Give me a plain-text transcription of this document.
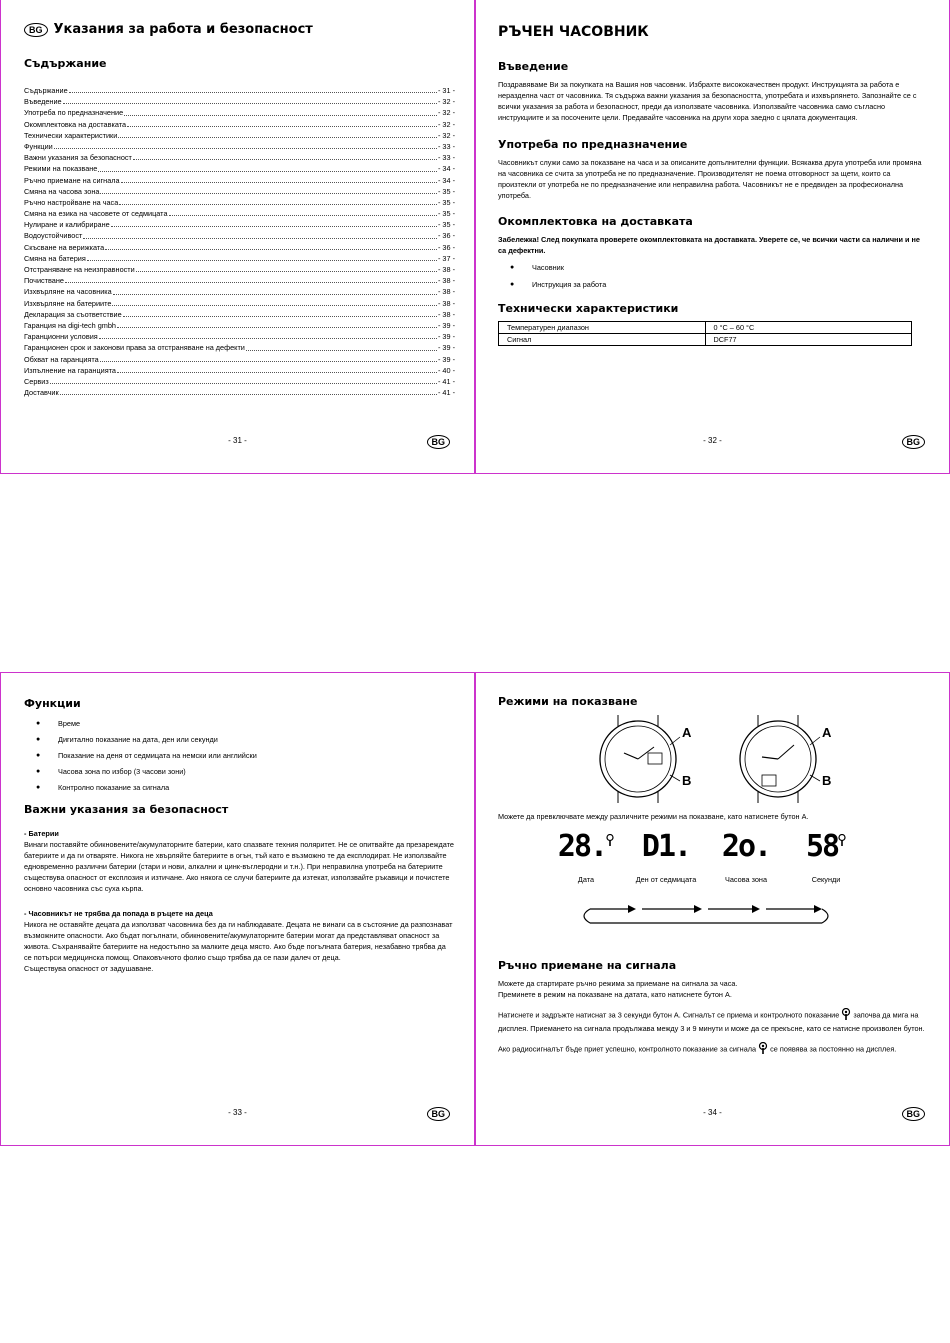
BG Указания за работа и безопасност
Съдържание
Съдържание	- 31 -
Въведение	- 32 -
Употреба по предназначение	- 32 -
Окомплектовка на доставката	- 32 -
Технически характеристики	- 32 -
Функции	- 33 -
Важни указания за безопасност	- 33 -
Режими на показване	- 34 -
Ръчно приемане на сигнала	- 34 -
Смяна на часова зона	- 35 -
Ръчно настройване на часа	- 35 -
Смяна на езика на часовете от седмицата	- 35 -
Нулиране и калибриране	- 35 -
Водоустойчивост	- 36 -
Скъсване на верижката	- 36 -
Смяна на батерия	- 37 -
Отстраняване на неизправности	- 38 -
Почистване	- 38 -
Изхвърляне на часовника	- 38 -
Изхвърляне на батериите	- 38 -
Декларация за съответствие	- 38 -
Гаранция на digi-tech gmbh	- 39 -
Гаранционни условия	- 39 -
Гаранционен срок и законови права за отстраняване на дефекти	- 39 -
Обхват на гаранцията	- 39 -
Изпълнение на гаранцията	- 40 -
Сервиз	- 41 -
Доставчик	- 41 -
- 31 -	BG
РЪЧЕН ЧАСОВНИК
Въведение

Поздравяваме Ви за покупката на Вашия нов часовник. Избрахте висококачествен продукт. Инструкцията за работа е неразделна част от часовника. Тя съдържа важни указания за безопасността, употребата и изхвърлянето. Запознайте се с всички указания за работа и безопасност, преди да използвате часовника. Използвайте часовника само съгласно инструкциите и за посочените цели. Предавайте часовника на други хора заедно с цялата документация.

Употреба по предназначение

Часовникът служи само за показване на часа и за описаните допълнителни функции. Всякаква друга употреба или промяна на часовника се счита за употреба не по предназначение. Производителят не поема отговорност за щети, които са произтекли от употреба не по предназначение или неправилна работа. Часовникът не е предвиден за професионална употреба.

Окомплектовка на доставката

Забележка! След покупката проверете окомплектовката на доставката. Уверете се, че всички части са налични и не са дефектни.

● Часовник
● Инструкция за работа
Технически характеристики
Температурен диапазон	0 °C – 60 °C
Сигнал	DCF77
- 32 -	BG
Функции
● Време
● Дигитално показание на дата, ден или секунди
● Показание на деня от седмицата на немски или английски
● Часова зона по избор (3 часови зони)
● Контролно показание за сигнала
Важни указания за безопасност

- Батерии

Винаги поставяйте обикновените/акумулаторните батерии, като спазвате техния поляритет. Не се опитвайте да презареждате батериите и да ги отваряте. Никога не хвърляйте батериите в огън, тъй като е възможно те да експлодират. Не използвайте едновременно различни батерии (стари и нови, алкални и цинк-въглеродни и т.н.). При неправилна употреба на батериите съществува опасност от експлозия и изтичане. Ако някога се случи батериите да изтекат, използвайте ръкавици и почистете основно часовника със суха кърпа.

- Часовникът не трябва да попада в ръцете на деца

Никога не оставяйте децата да използват часовника без да ги наблюдавате. Децата не винаги са в състояние да разпознават възможните опасности. Ако бъдат погълнати, обикновените/акумулаторните батерии могат да представляват опасност за живота. Съхранявайте батериите на недостъпно за малките деца място. Ако бъде погълната батерия, незабавно трябва да се потърси медицинска помощ. Опаковъчното фолио също трябва да се пази далеч от деца.

Съществува опасност от задушаване.

- 33 -	BG
Режими на показване
A
B
A
B

Можете да превключвате между различните режими на показване, като натиснете бутон А.

28.
Дата
D1.
Ден от седмицата
2o.
Часова зона
58
Секунди
Ръчно приемане на сигнала

Можете да стартирате ръчно режима за приемане на сигнала за часа.

Преминете в режим на показване на датата, като натиснете бутон А.

Натиснете и задръжте натиснат за 3 секунди бутон А. Сигналът се приема и контролното показание започва да мига на дисплея. Приемането на сигнала продължава между 3 и 9 минути и може да се прекъсне, като се натисне произволен бутон.

Ако радиосигналът бъде приет успешно, контролното показание за сигнала се появява за постоянно на дисплея.

- 34 -	BG
